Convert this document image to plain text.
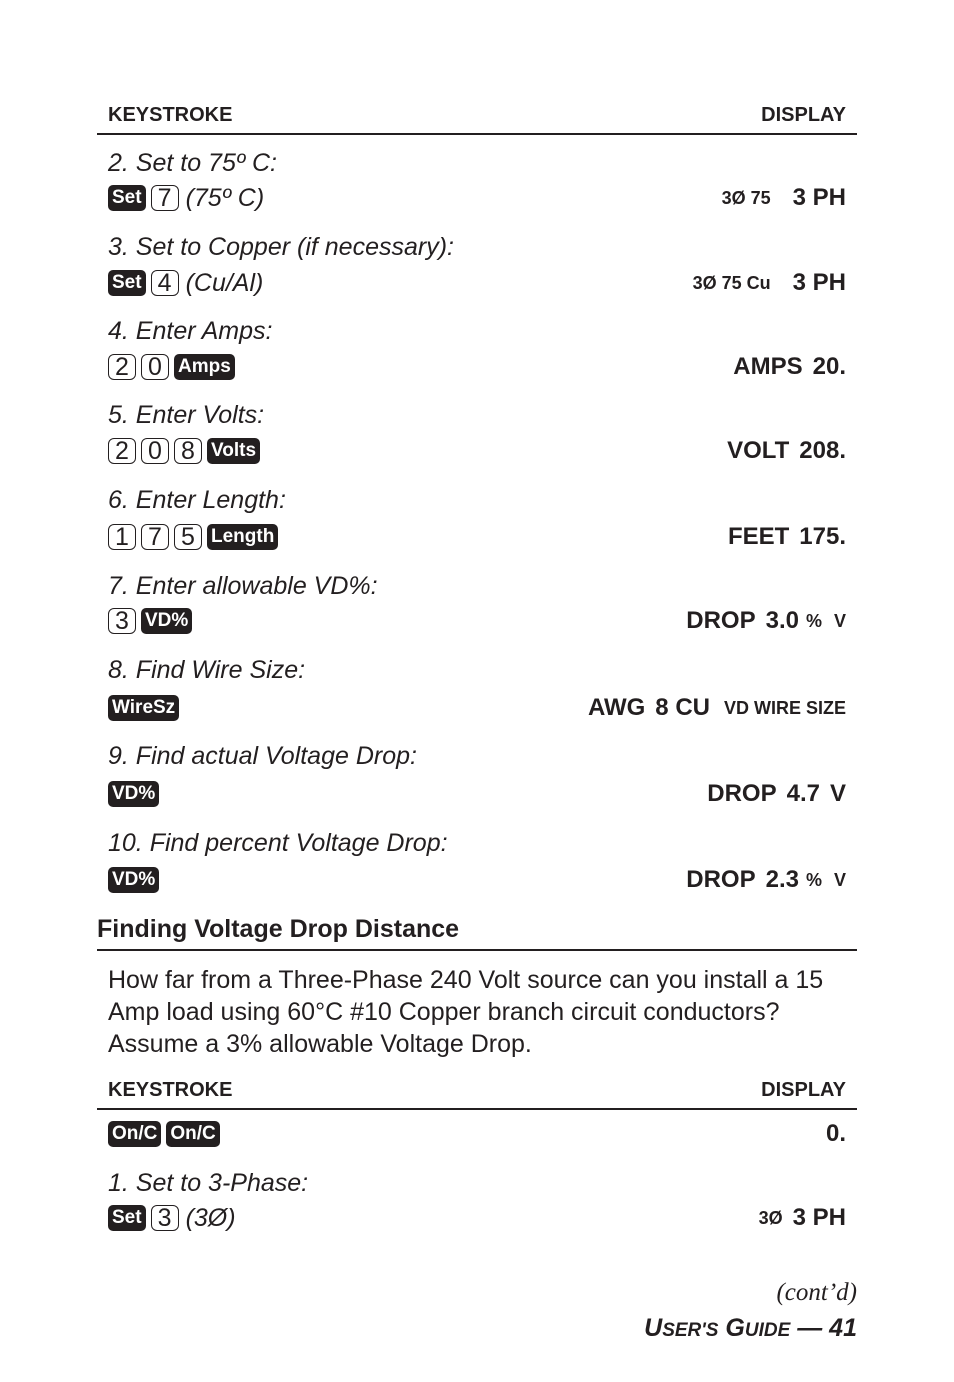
KEYSTROKE	DISPLAY
2. Set to 75º C:
Set 7 (75º C)	3Ø 75 3 PH
3. Set to Copper (if necessary):
Set 4 (Cu/Al)	3Ø 75 Cu 3 PH
4. Enter Amps:
2 0 Amps	AMPS 20.
5. Enter Volts:
2 0 8 Volts	VOLT 208.
6. Enter Length:
1 7 5 Length	FEET 175.
7. Enter allowable VD%:
3 VD%	DROP 3.0 % V
8. Find Wire Size:
WireSz	AWG 8 CU VD WIRE SIZE
9. Find actual Voltage Drop:
VD%	DROP 4.7 V
10. Find percent Voltage Drop:
VD%	DROP 2.3 % V
Finding Voltage Drop Distance
How far from a Three-Phase 240 Volt source can you install a 15 Amp load using 60°C #10 Copper branch circuit conductors? Assume a 3% allowable Voltage Drop.
KEYSTROKE	DISPLAY
On/C On/C	0.
1. Set to 3-Phase:
Set 3 (3Ø)	3Ø 3 PH
(cont’d)
USER'S GUIDE — 41
